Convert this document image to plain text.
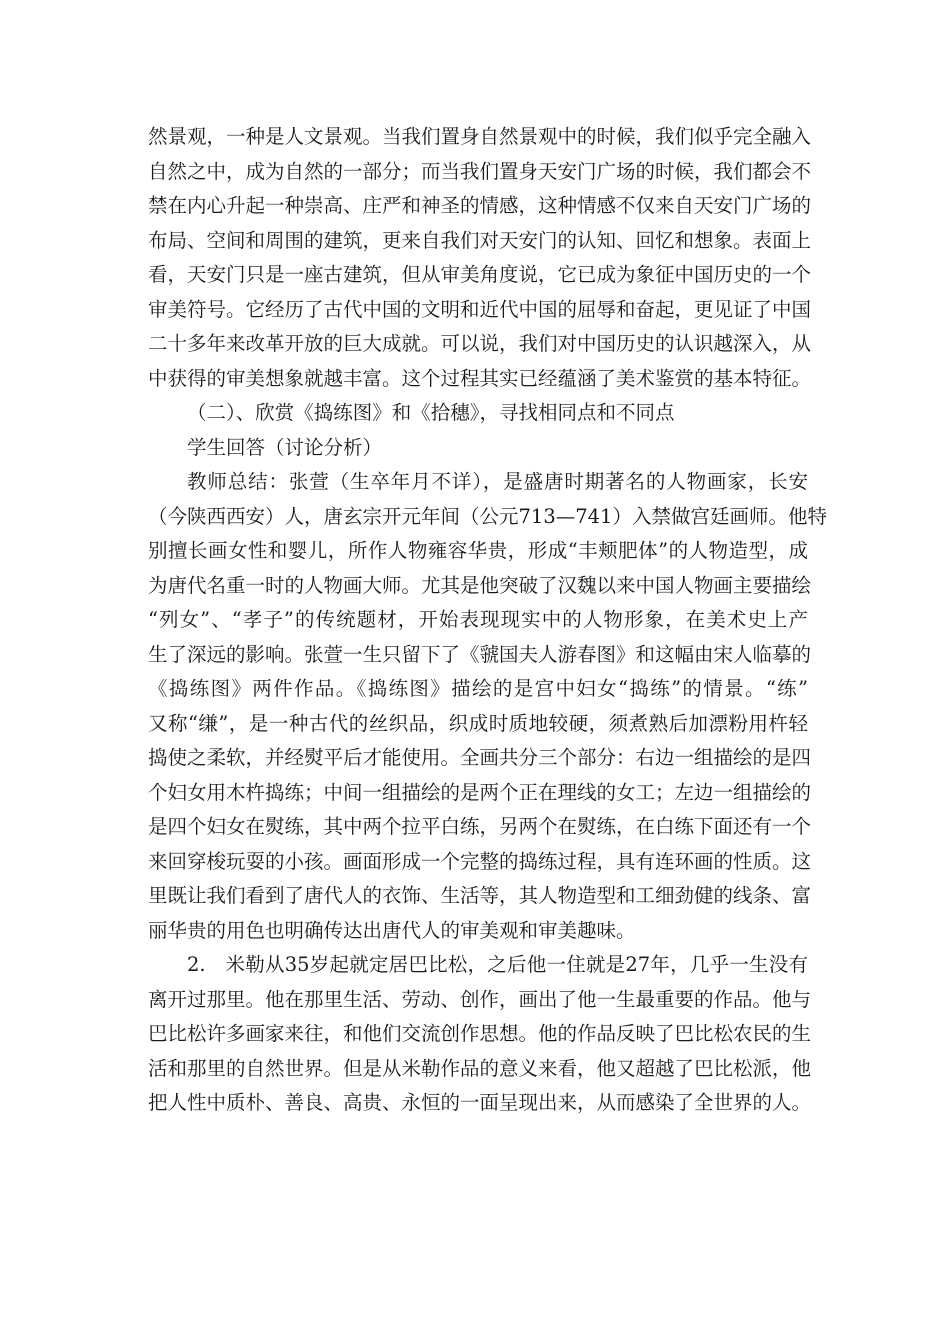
然景观，一种是人文景观。当我们置身自然景观中的时候，我们似乎完全融入
自然之中，成为自然的一部分；而当我们置身天安门广场的时候，我们都会不
禁在内心升起一种崇高、庄严和神圣的情感，这种情感不仅来自天安门广场的
布局、空间和周围的建筑，更来自我们对天安门的认知、回忆和想象。表面上
看，天安门只是一座古建筑，但从审美角度说，它已成为象征中国历史的一个
审美符号。它经历了古代中国的文明和近代中国的屈辱和奋起，更见证了中国
二十多年来改革开放的巨大成就。可以说，我们对中国历史的认识越深入，从
中获得的审美想象就越丰富。这个过程其实已经蕴涵了美术鉴赏的基本特征。
（二）、欣赏《捣练图》和《拾穗》，寻找相同点和不同点
学生回答（讨论分析）
教师总结：张萱（生卒年月不详），是盛唐时期著名的人物画家，长安
（今陕西西安）人，唐玄宗开元年间（公元713—741）入禁做宫廷画师。他特
别擅长画女性和婴儿，所作人物雍容华贵，形成“丰颊肥体”的人物造型，成
为唐代名重一时的人物画大师。尤其是他突破了汉魏以来中国人物画主要描绘
“列女”、“孝子”的传统题材，开始表现现实中的人物形象，在美术史上产
生了深远的影响。张萱一生只留下了《虢国夫人游春图》和这幅由宋人临摹的
《捣练图》两件作品。《捣练图》描绘的是宫中妇女“捣练”的情景。“练”
又称“缣”，是一种古代的丝织品，织成时质地较硬，须煮熟后加漂粉用杵轻
捣使之柔软，并经熨平后才能使用。全画共分三个部分：右边一组描绘的是四
个妇女用木杵捣练；中间一组描绘的是两个正在理线的女工；左边一组描绘的
是四个妇女在熨练，其中两个拉平白练，另两个在熨练，在白练下面还有一个
来回穿梭玩耍的小孩。画面形成一个完整的捣练过程，具有连环画的性质。这
里既让我们看到了唐代人的衣饰、生活等，其人物造型和工细劲健的线条、富
丽华贵的用色也明确传达出唐代人的审美观和审美趣味。
2.　米勒从35岁起就定居巴比松，之后他一住就是27年，几乎一生没有
离开过那里。他在那里生活、劳动、创作，画出了他一生最重要的作品。他与
巴比松许多画家来往，和他们交流创作思想。他的作品反映了巴比松农民的生
活和那里的自然世界。但是从米勒作品的意义来看，他又超越了巴比松派，他
把人性中质朴、善良、高贵、永恒的一面呈现出来，从而感染了全世界的人。
